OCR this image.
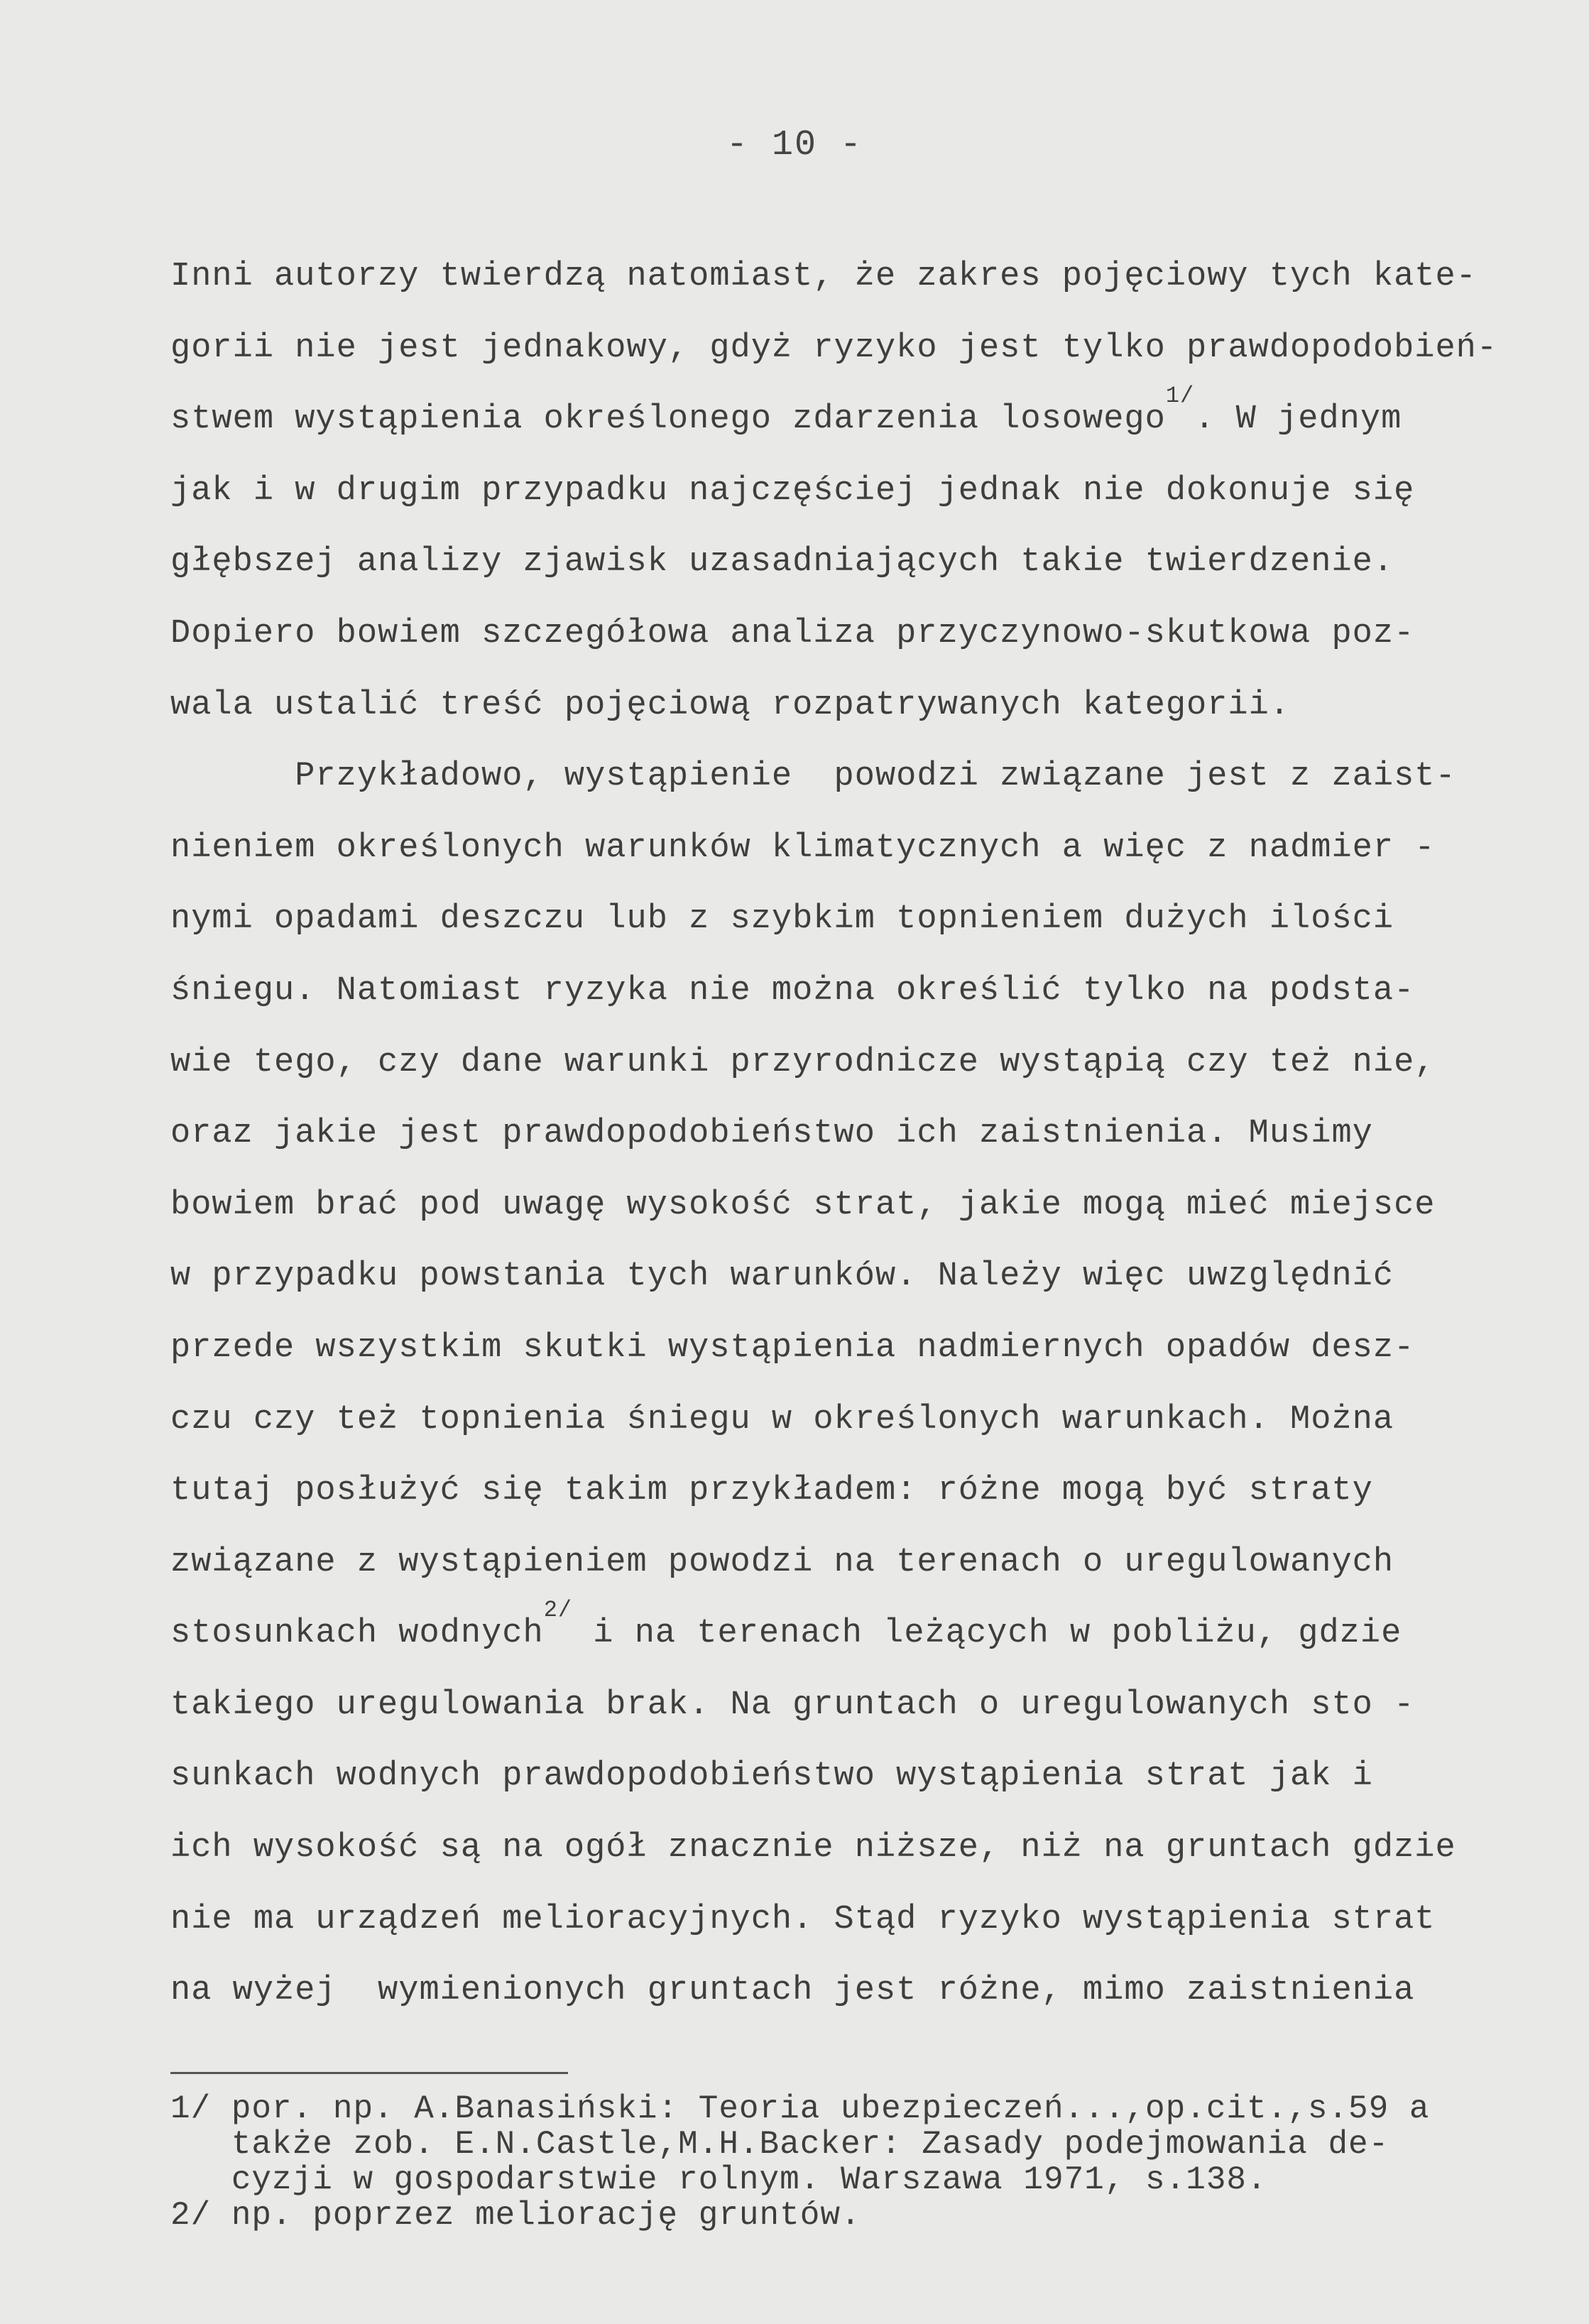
- 10 -
Inni autorzy twierdzą natomiast, że zakres pojęciowy tych kate-
gorii nie jest jednakowy, gdyż ryzyko jest tylko prawdopodobień-
stwem wystąpienia określonego zdarzenia losowego$^{1/}$. W jednym
jak i w drugim przypadku najczęściej jednak nie dokonuje się
głębszej analizy zjawisk uzasadniających takie twierdzenie.
Dopiero bowiem szczegółowa analiza przyczynowo-skutkowa poz-
wala ustalić treść pojęciową rozpatrywanych kategorii.
Przykładowo, wystąpienie  powodzi związane jest z zaist-
nieniem określonych warunków klimatycznych a więc z nadmier -
nymi opadami deszczu lub z szybkim topnieniem dużych ilości
śniegu. Natomiast ryzyka nie można określić tylko na podsta-
wie tego, czy dane warunki przyrodnicze wystąpią czy też nie,
oraz jakie jest prawdopodobieństwo ich zaistnienia. Musimy
bowiem brać pod uwagę wysokość strat, jakie mogą mieć miejsce
w przypadku powstania tych warunków. Należy więc uwzględnić
przede wszystkim skutki wystąpienia nadmiernych opadów desz-
czu czy też topnienia śniegu w określonych warunkach. Można
tutaj posłużyć się takim przykładem: różne mogą być straty
związane z wystąpieniem powodzi na terenach o uregulowanych
stosunkach wodnych$^{2/}$ i na terenach leżących w pobliżu, gdzie
takiego uregulowania brak. Na gruntach o uregulowanych sto -
sunkach wodnych prawdopodobieństwo wystąpienia strat jak i
ich wysokość są na ogół znacznie niższe, niż na gruntach gdzie
nie ma urządzeń melioracyjnych. Stąd ryzyko wystąpienia strat
na wyżej  wymienionych gruntach jest różne, mimo zaistnienia
1/ por. np. A.Banasiński: Teoria ubezpieczeń...,op.cit.,s.59 a
także zob. E.N.Castle,M.H.Backer: Zasady podejmowania de-
cyzji w gospodarstwie rolnym. Warszawa 1971, s.138.
2/ np. poprzez meliorację gruntów.
